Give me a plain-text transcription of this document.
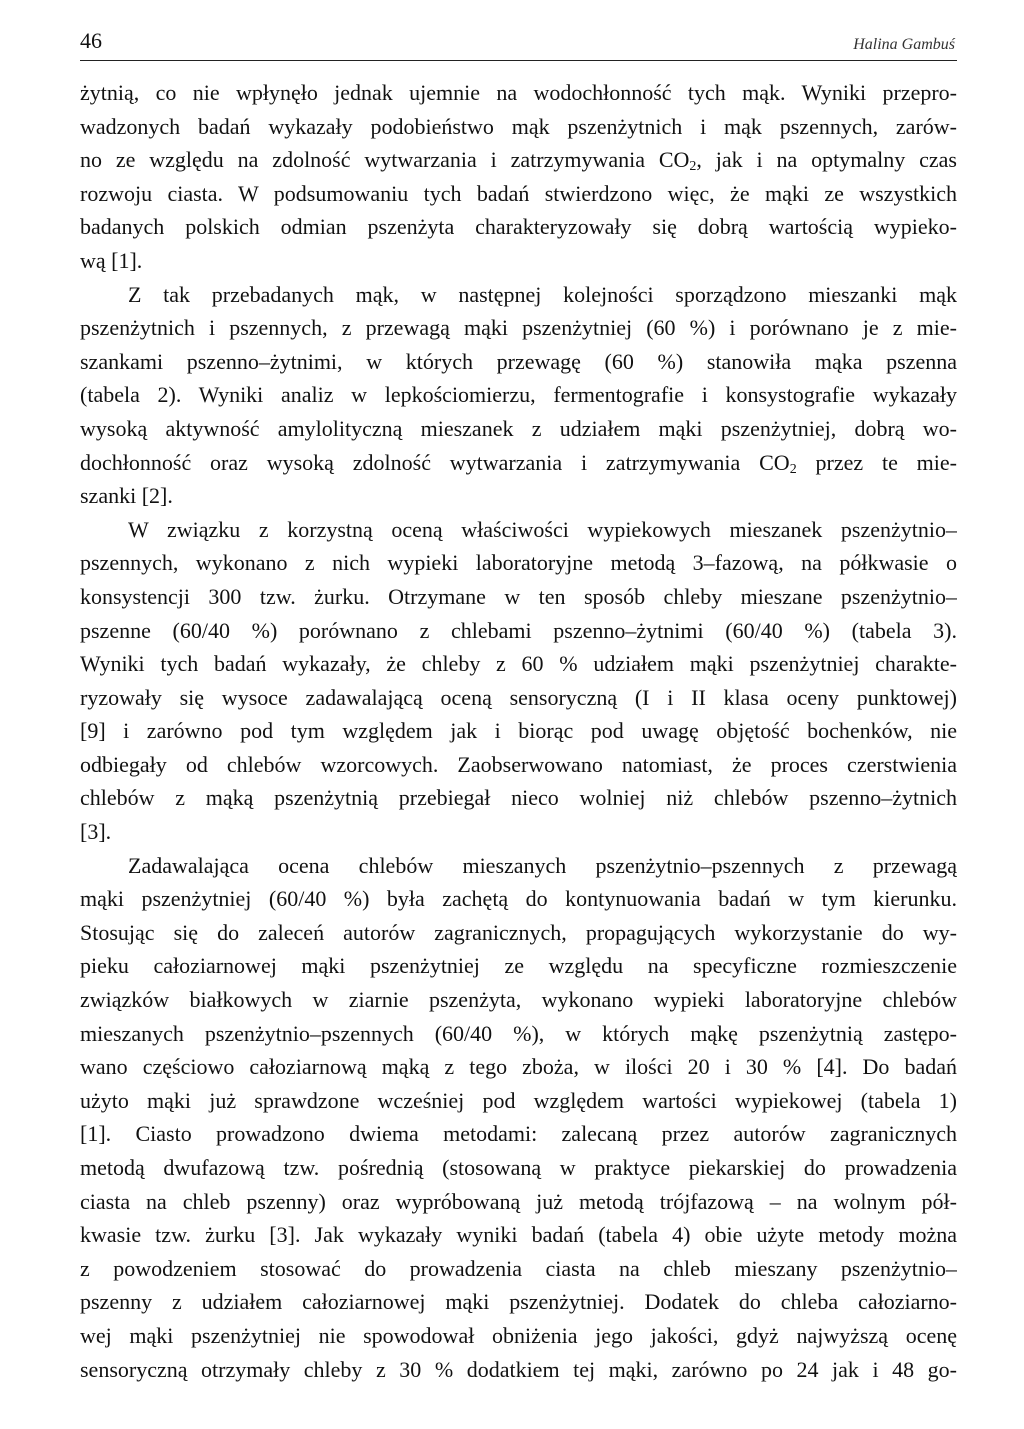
46	Halina Gambuś
żytnią, co nie wpłynęło jednak ujemnie na wodochłonność tych mąk. Wyniki przepro-
wadzonych badań wykazały podobieństwo mąk pszenżytnich i mąk pszennych, zarów-
no ze względu na zdolność wytwarzania i zatrzymywania $CO_2$, jak i na optymalny czas
rozwoju ciasta. W podsumowaniu tych badań stwierdzono więc, że mąki ze wszystkich
badanych polskich odmian pszenżyta charakteryzowały się dobrą wartością wypieko-
wą [1].
Z tak przebadanych mąk, w następnej kolejności sporządzono mieszanki mąk
pszenżytnich i pszennych, z przewagą mąki pszenżytniej (60 %) i porównano je z mie-
szankami pszenno–żytnimi, w których przewagę (60 %) stanowiła mąka pszenna
(tabela 2). Wyniki analiz w lepkościomierzu, fermentografie i konsystografie wykazały
wysoką aktywność amylolityczną mieszanek z udziałem mąki pszenżytniej, dobrą wo-
dochłonność oraz wysoką zdolność wytwarzania i zatrzymywania $CO_2$ przez te mie-
szanki [2].
W związku z korzystną oceną właściwości wypiekowych mieszanek pszenżytnio–
pszennych, wykonano z nich wypieki laboratoryjne metodą 3–fazową, na półkwasie o
konsystencji 300 tzw. żurku. Otrzymane w ten sposób chleby mieszane pszenżytnio–
pszenne (60/40 %) porównano z chlebami pszenno–żytnimi (60/40 %) (tabela 3).
Wyniki tych badań wykazały, że chleby z 60 % udziałem mąki pszenżytniej charakte-
ryzowały się wysoce zadawalającą oceną sensoryczną (I i II klasa oceny punktowej)
[9] i zarówno pod tym względem jak i biorąc pod uwagę objętość bochenków, nie
odbiegały od chlebów wzorcowych. Zaobserwowano natomiast, że proces czerstwienia
chlebów z mąką pszenżytnią przebiegał nieco wolniej niż chlebów pszenno–żytnich
[3].
Zadawalająca ocena chlebów mieszanych pszenżytnio–pszennych z przewagą
mąki pszenżytniej (60/40 %) była zachętą do kontynuowania badań w tym kierunku.
Stosując się do zaleceń autorów zagranicznych, propagujących wykorzystanie do wy-
pieku całoziarnowej mąki pszenżytniej ze względu na specyficzne rozmieszczenie
związków białkowych w ziarnie pszenżyta, wykonano wypieki laboratoryjne chlebów
mieszanych pszenżytnio–pszennych (60/40 %), w których mąkę pszenżytnią zastępo-
wano częściowo całoziarnową mąką z tego zboża, w ilości 20 i 30 % [4]. Do badań
użyto mąki już sprawdzone wcześniej pod względem wartości wypiekowej (tabela 1)
[1]. Ciasto prowadzono dwiema metodami: zalecaną przez autorów zagranicznych
metodą dwufazową tzw. pośrednią (stosowaną w praktyce piekarskiej do prowadzenia
ciasta na chleb pszenny) oraz wypróbowaną już metodą trójfazową – na wolnym pół-
kwasie tzw. żurku [3]. Jak wykazały wyniki badań (tabela 4) obie użyte metody można
z powodzeniem stosować do prowadzenia ciasta na chleb mieszany pszenżytnio–
pszenny z udziałem całoziarnowej mąki pszenżytniej. Dodatek do chleba całoziarno-
wej mąki pszenżytniej nie spowodował obniżenia jego jakości, gdyż najwyższą ocenę
sensoryczną otrzymały chleby z 30 % dodatkiem tej mąki, zarówno po 24 jak i 48 go-
